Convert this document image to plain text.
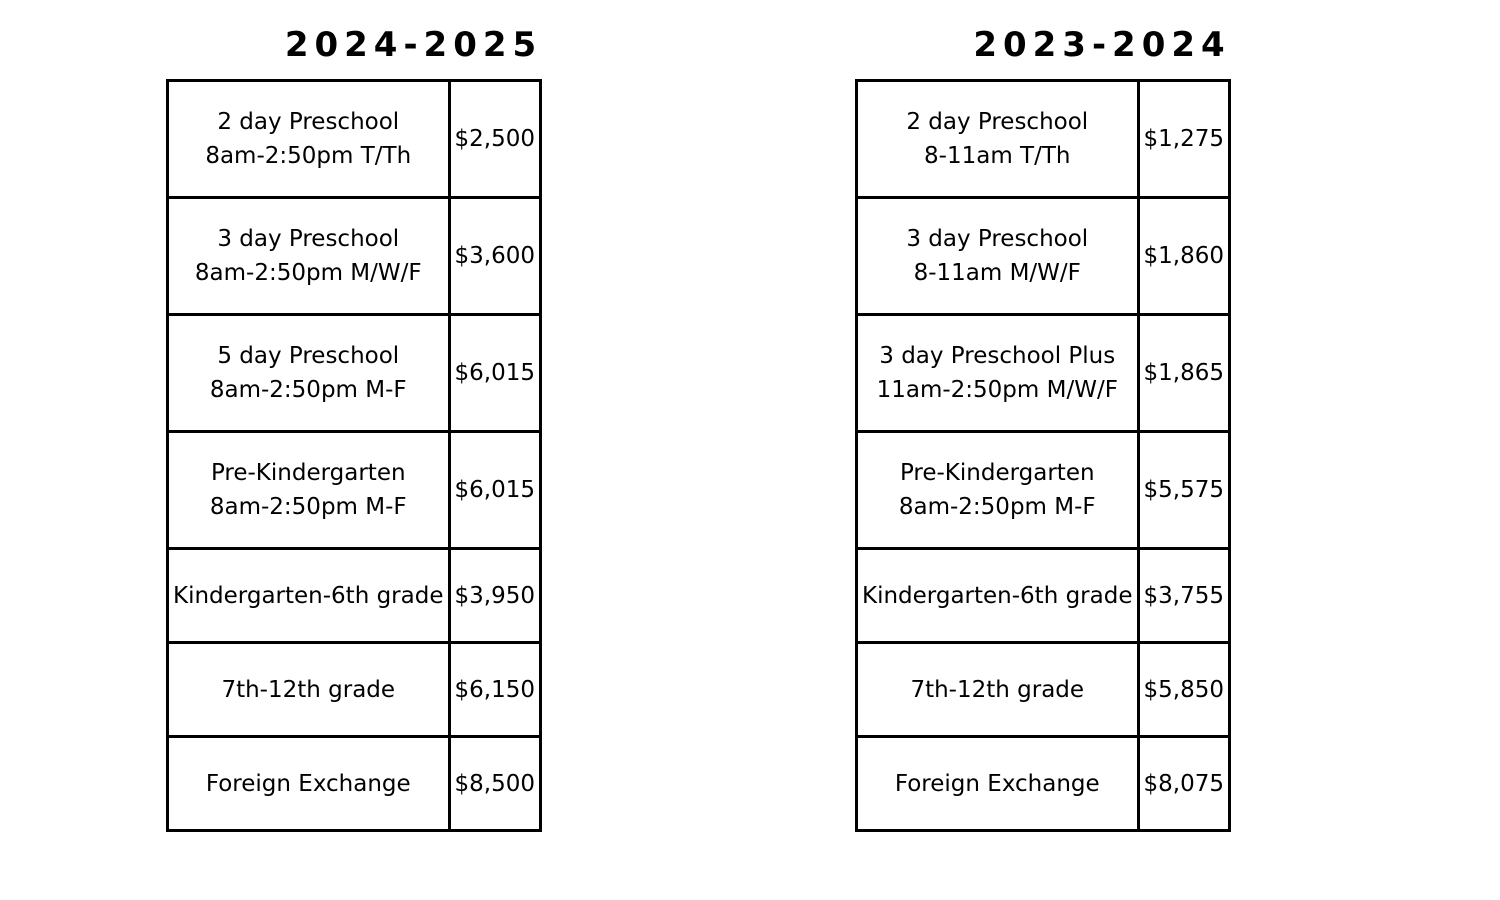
2024-2025
2 day Preschool
8am-2:50pm T/Th	$2,500

3 day Preschool
8am-2:50pm M/W/F	$3,600

5 day Preschool
8am-2:50pm M-F	$6,015

Pre-Kindergarten
8am-2:50pm M-F	$6,015

Kindergarten-6th grade	$3,950

7th-12th grade	$6,150

Foreign Exchange	$8,500
2023-2024
2 day Preschool
8-11am T/Th	$1,275

3 day Preschool
8-11am M/W/F	$1,860

3 day Preschool Plus
11am-2:50pm M/W/F	$1,865

Pre-Kindergarten
8am-2:50pm M-F	$5,575

Kindergarten-6th grade	$3,755

7th-12th grade	$5,850

Foreign Exchange	$8,075
